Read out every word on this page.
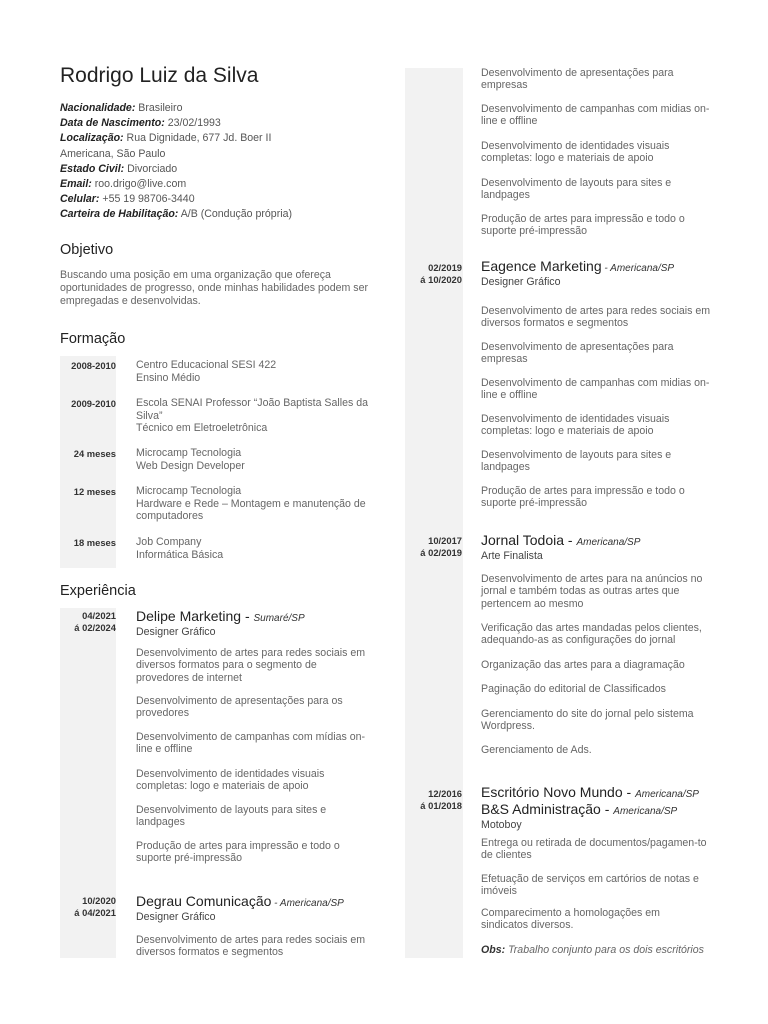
Rodrigo Luiz da Silva
Nacionalidade: Brasileiro
Data de Nascimento: 23/02/1993
Localização: Rua Dignidade, 677 Jd. Boer II
Americana, São Paulo
Estado Civil: Divorciado
Email: roo.drigo@live.com
Celular: +55 19 98706-3440
Carteira de Habilitação: A/B (Condução própria)
Objetivo
Buscando uma posição em uma organização que ofereça oportunidades de progresso, onde minhas habilidades podem ser empregadas e desenvolvidas.
Formação
2008-2010 Centro Educacional SESI 422
Ensino Médio
2009-2010 Escola SENAI Professor “João Baptista Salles da Silva”
Técnico em Eletroeletrônica
24 meses Microcamp Tecnologia
Web Design Developer
12 meses Microcamp Tecnologia
Hardware e Rede – Montagem e manutenção de computadores
18 meses Job Company
Informática Básica
Experiência
04/2021
á 02/2024
Delipe Marketing - Sumaré/SP
Designer Gráfico
Desenvolvimento de artes para redes sociais em diversos formatos para o segmento de provedores de internet
Desenvolvimento de apresentações para os provedores
Desenvolvimento de campanhas com mídias on-line e offline
Desenvolvimento de identidades visuais completas: logo e materiais de apoio
Desenvolvimento de layouts para sites e landpages
Produção de artes para impressão e todo o suporte pré-impressão
10/2020
á 04/2021
Degrau Comunicação - Americana/SP
Designer Gráfico
Desenvolvimento de artes para redes sociais em diversos formatos e segmentos
Desenvolvimento de apresentações para empresas
Desenvolvimento de campanhas com midias on-line e offline
Desenvolvimento de identidades visuais completas: logo e materiais de apoio
Desenvolvimento de layouts para sites e landpages
Produção de artes para impressão e todo o suporte pré-impressão
02/2019
á 10/2020
Eagence Marketing - Americana/SP
Designer Gráfico
Desenvolvimento de artes para redes sociais em diversos formatos e segmentos
Desenvolvimento de apresentações para empresas
Desenvolvimento de campanhas com midias on-line e offline
Desenvolvimento de identidades visuais completas: logo e materiais de apoio
Desenvolvimento de layouts para sites e landpages
Produção de artes para impressão e todo o suporte pré-impressão
10/2017
á 02/2019
Jornal Todoia - Americana/SP
Arte Finalista
Desenvolvimento de artes para na anúncios no jornal e também todas as outras artes que pertencem ao mesmo
Verificação das artes mandadas pelos clientes, adequando-as as configurações do jornal
Organização das artes para a diagramação
Paginação do editorial de Classificados
Gerenciamento do site do jornal pelo sistema Wordpress.
Gerenciamento de Ads.
12/2016
á 01/2018
Escritório Novo Mundo - Americana/SP
B&S Administração - Americana/SP
Motoboy
Entrega ou retirada de documentos/pagamen-to de clientes
Efetuação de serviços em cartórios de notas e imóveis
Comparecimento a homologações em sindicatos diversos.
Obs: Trabalho conjunto para os dois escritórios
